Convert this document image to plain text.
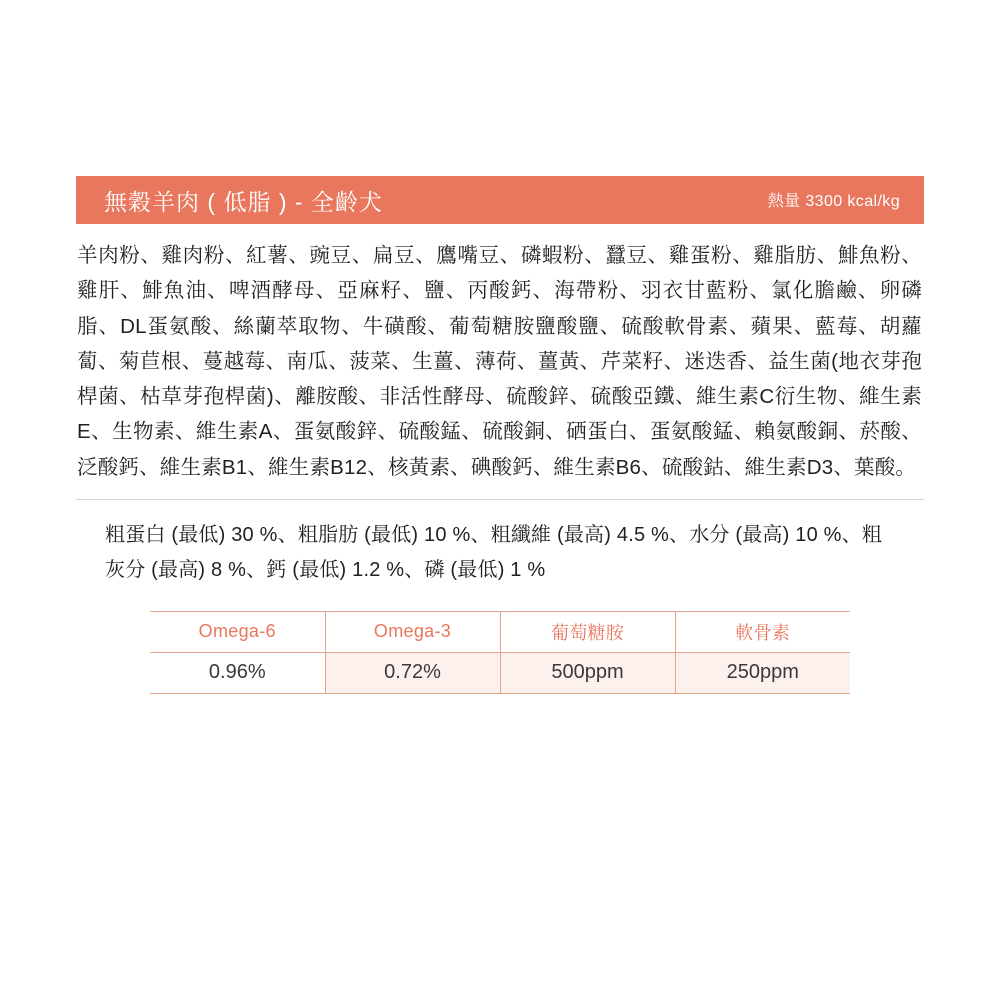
無穀羊肉 ( 低脂 ) - 全齡犬	熱量 3300 kcal/kg
羊肉粉、雞肉粉、紅薯、豌豆、扁豆、鷹嘴豆、磷蝦粉、蠶豆、雞蛋粉、雞脂肪、鯡魚粉、雞肝、鯡魚油、啤酒酵母、亞麻籽、鹽、丙酸鈣、海帶粉、羽衣甘藍粉、氯化膽鹼、卵磷脂、DL蛋氨酸、絲蘭萃取物、牛磺酸、葡萄糖胺鹽酸鹽、硫酸軟骨素、蘋果、藍莓、胡蘿蔔、菊苣根、蔓越莓、南瓜、菠菜、生薑、薄荷、薑黃、芹菜籽、迷迭香、益生菌(地衣芽孢桿菌、枯草芽孢桿菌)、離胺酸、非活性酵母、硫酸鋅、硫酸亞鐵、維生素C衍生物、維生素E、生物素、維生素A、蛋氨酸鋅、硫酸錳、硫酸銅、硒蛋白、蛋氨酸錳、賴氨酸銅、菸酸、泛酸鈣、維生素B1、維生素B12、核黃素、碘酸鈣、維生素B6、硫酸鈷、維生素D3、葉酸。
粗蛋白 (最低) 30 %、粗脂肪 (最低) 10 %、粗纖維 (最高) 4.5 %、水分 (最高) 10 %、粗灰分 (最高) 8 %、鈣 (最低) 1.2 %、磷 (最低) 1 %
Omega-6	Omega-3	葡萄糖胺	軟骨素
0.96%	0.72%	500ppm	250ppm
